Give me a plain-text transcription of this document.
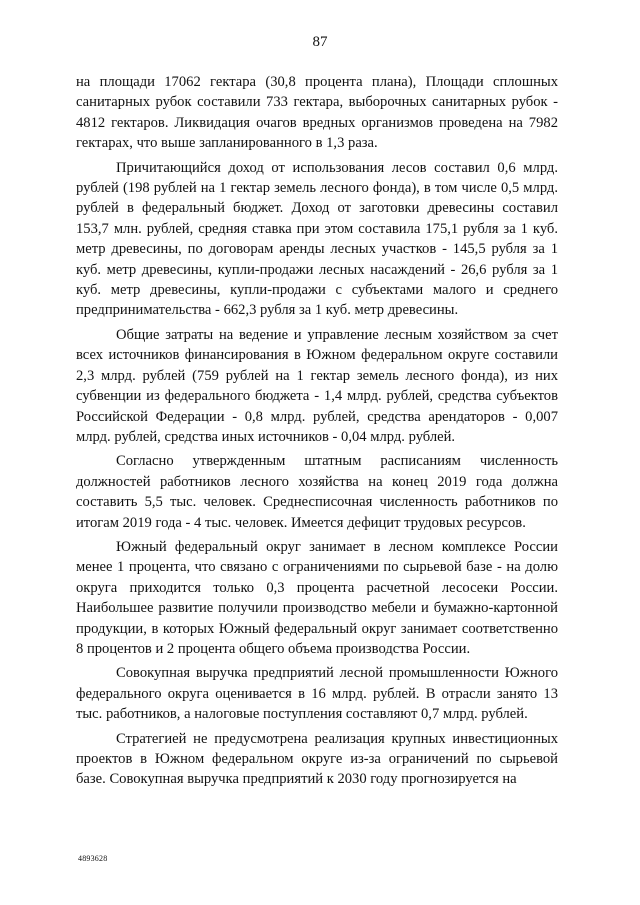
87

на площади 17062 гектара (30,8 процента плана), Площади сплошных санитарных рубок составили 733 гектара, выборочных санитарных рубок - 4812 гектаров. Ликвидация очагов вредных организмов проведена на 7982 гектарах, что выше запланированного в 1,3 раза.

Причитающийся доход от использования лесов составил 0,6 млрд. рублей (198 рублей на 1 гектар земель лесного фонда), в том числе 0,5 млрд. рублей в федеральный бюджет. Доход от заготовки древесины составил 153,7 млн. рублей, средняя ставка при этом составила 175,1 рубля за 1 куб. метр древесины, по договорам аренды лесных участков - 145,5 рубля за 1 куб. метр древесины, купли-продажи лесных насаждений - 26,6 рубля за 1 куб. метр древесины, купли-продажи с субъектами малого и среднего предпринимательства - 662,3 рубля за 1 куб. метр древесины.

Общие затраты на ведение и управление лесным хозяйством за счет всех источников финансирования в Южном федеральном округе составили 2,3 млрд. рублей (759 рублей на 1 гектар земель лесного фонда), из них субвенции из федерального бюджета - 1,4 млрд. рублей, средства субъектов Российской Федерации - 0,8 млрд. рублей, средства арендаторов - 0,007 млрд. рублей, средства иных источников - 0,04 млрд. рублей.

Согласно утвержденным штатным расписаниям численность должностей работников лесного хозяйства на конец 2019 года должна составить 5,5 тыс. человек. Среднесписочная численность работников по итогам 2019 года - 4 тыс. человек. Имеется дефицит трудовых ресурсов.

Южный федеральный округ занимает в лесном комплексе России менее 1 процента, что связано с ограничениями по сырьевой базе - на долю округа приходится только 0,3 процента расчетной лесосеки России. Наибольшее развитие получили производство мебели и бумажно-картонной продукции, в которых Южный федеральный округ занимает соответственно 8 процентов и 2 процента общего объема производства России.

Совокупная выручка предприятий лесной промышленности Южного федерального округа оценивается в 16 млрд. рублей. В отрасли занято 13 тыс. работников, а налоговые поступления составляют 0,7 млрд. рублей.

Стратегией не предусмотрена реализация крупных инвестиционных проектов в Южном федеральном округе из-за ограничений по сырьевой базе. Совокупная выручка предприятий к 2030 году прогнозируется на

4893628
